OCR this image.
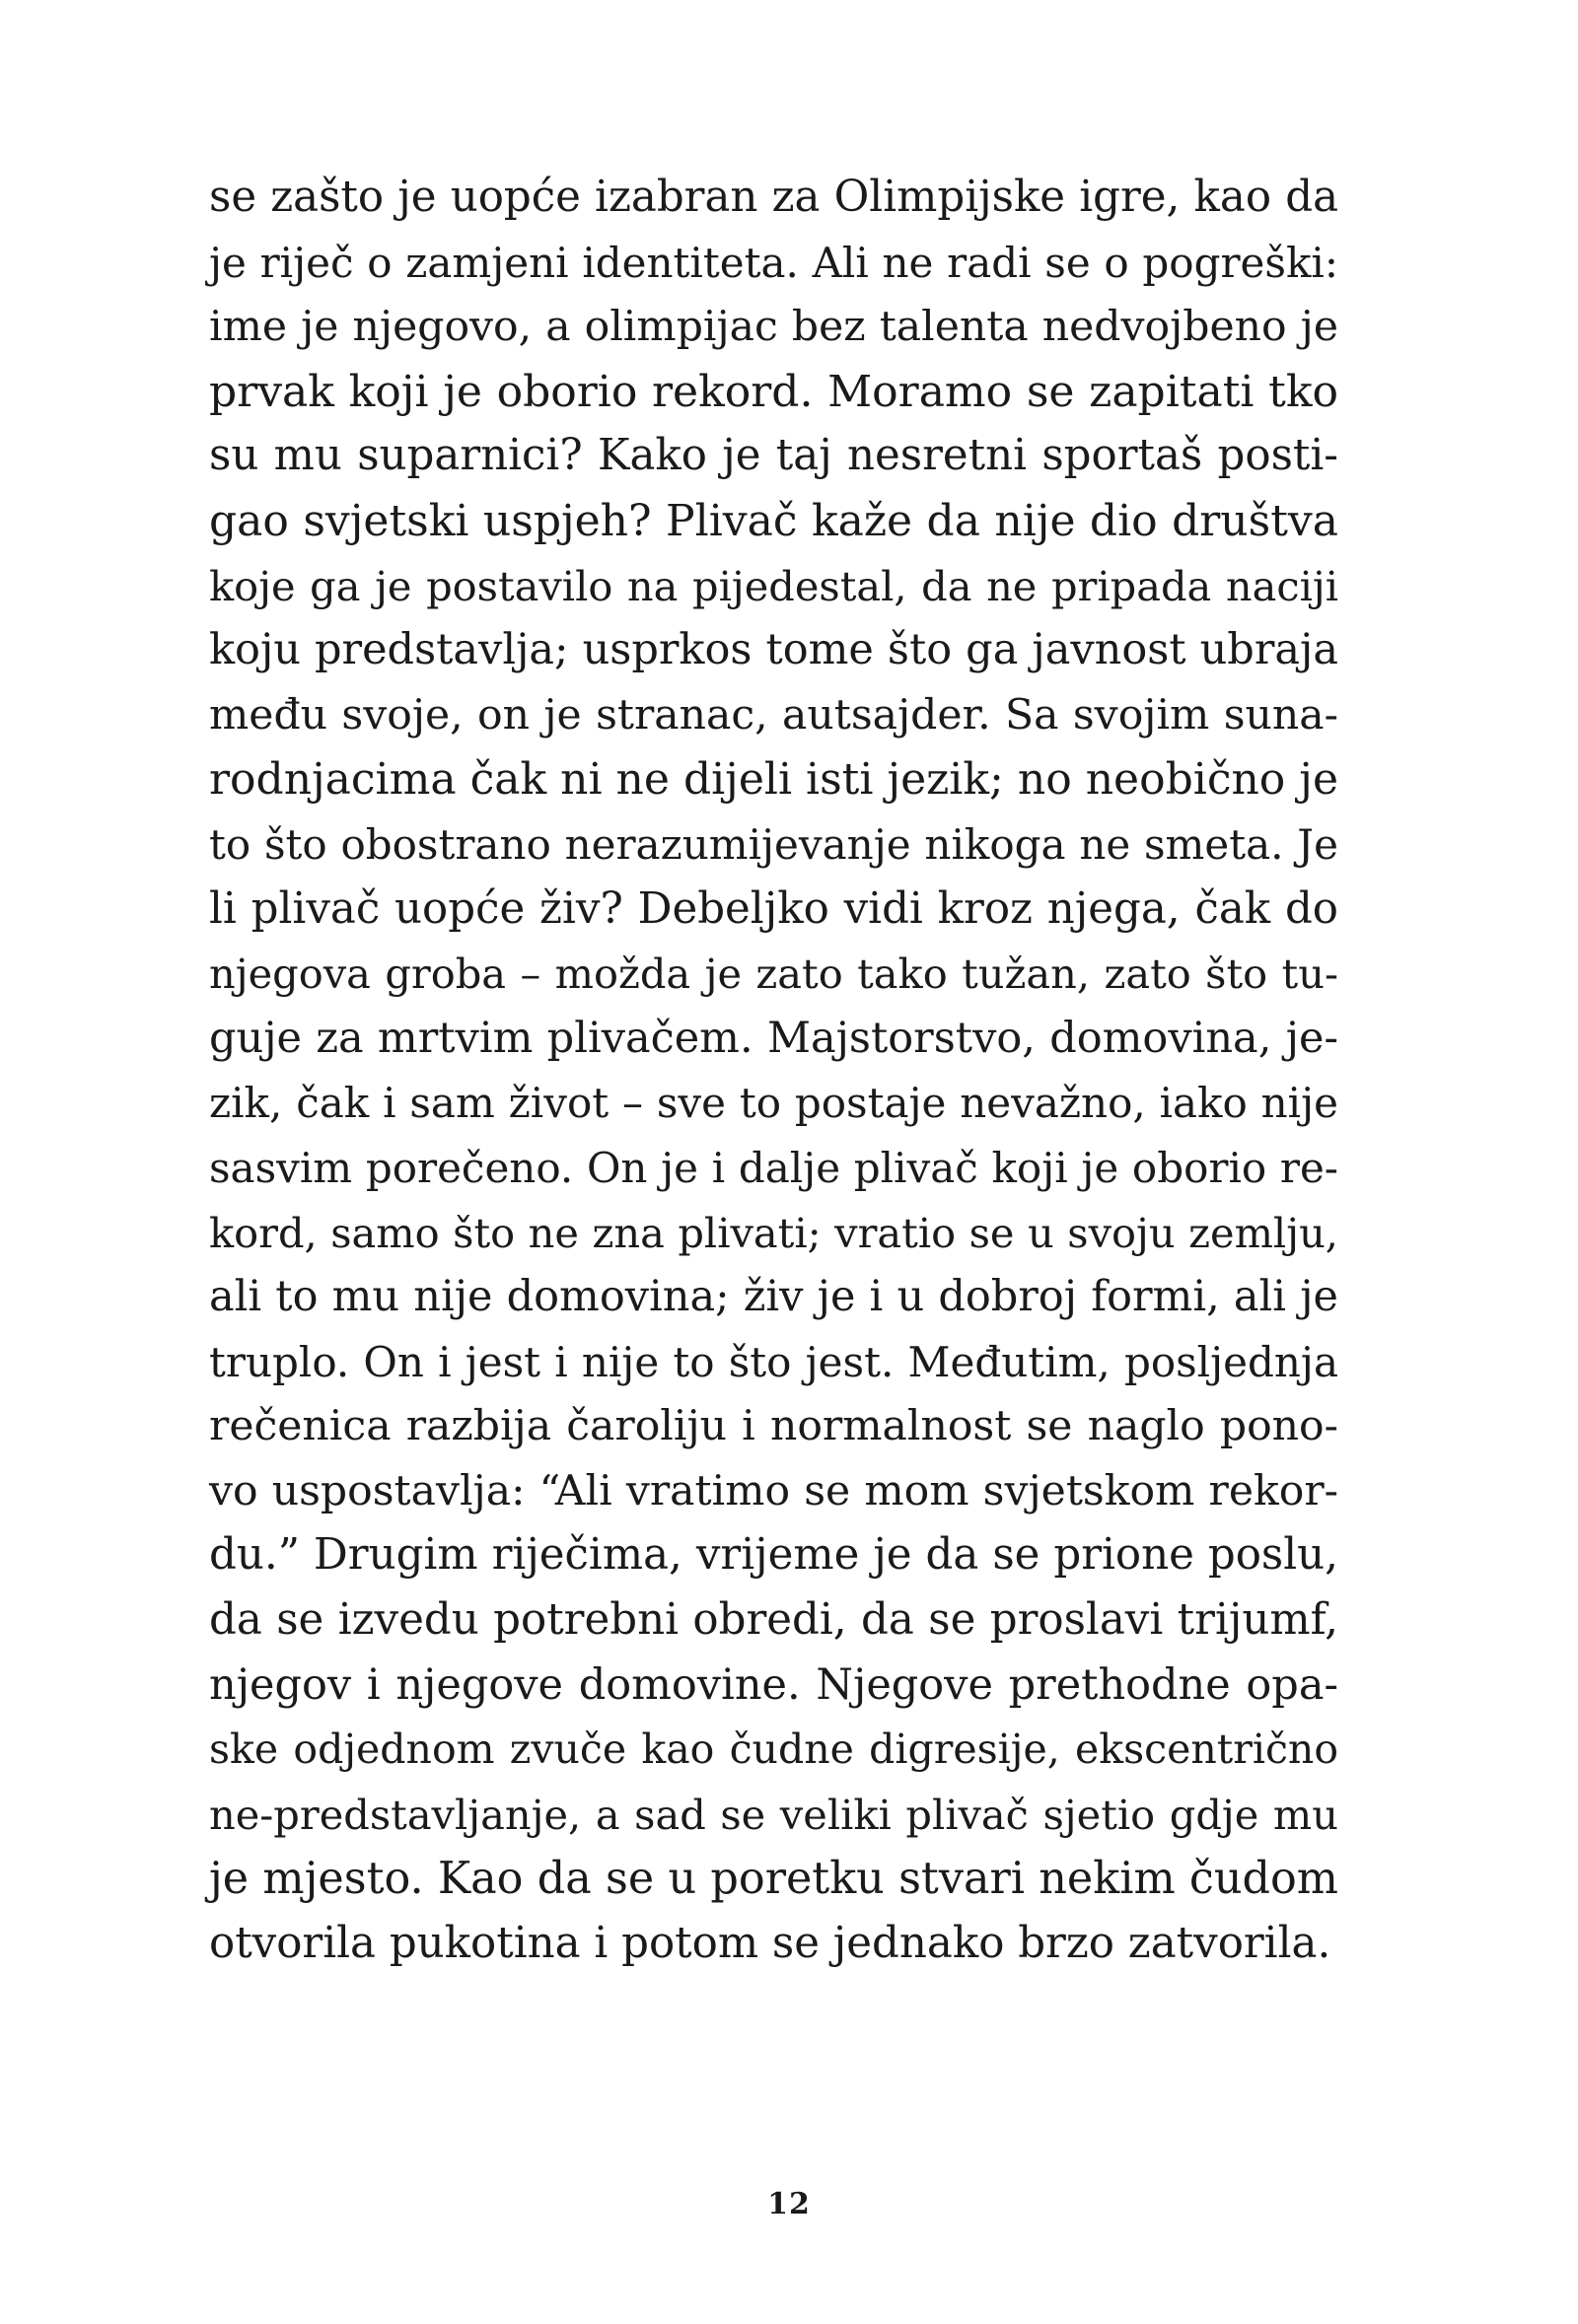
se zašto je uopće izabran za Olimpijske igre, kao da
je riječ o zamjeni identiteta. Ali ne radi se o pogreški:
ime je njegovo, a olimpijac bez talenta nedvojbeno je
prvak koji je oborio rekord. Moramo se zapitati tko
su mu suparnici? Kako je taj nesretni sportaš posti-
gao svjetski uspjeh? Plivač kaže da nije dio društva
koje ga je postavilo na pijedestal, da ne pripada naciji
koju predstavlja; usprkos tome što ga javnost ubraja
među svoje, on je stranac, autsajder. Sa svojim suna-
rodnjacima čak ni ne dijeli isti jezik; no neobično je
to što obostrano nerazumijevanje nikoga ne smeta. Je
li plivač uopće živ? Debeljko vidi kroz njega, čak do
njegova groba – možda je zato tako tužan, zato što tu-
guje za mrtvim plivačem. Majstorstvo, domovina, je-
zik, čak i sam život – sve to postaje nevažno, iako nije
sasvim porečeno. On je i dalje plivač koji je oborio re-
kord, samo što ne zna plivati; vratio se u svoju zemlju,
ali to mu nije domovina; živ je i u dobroj formi, ali je
truplo. On i jest i nije to što jest. Međutim, posljednja
rečenica razbija čaroliju i normalnost se naglo pono-
vo uspostavlja: “Ali vratimo se mom svjetskom rekor-
du.” Drugim riječima, vrijeme je da se prione poslu,
da se izvedu potrebni obredi, da se proslavi trijumf,
njegov i njegove domovine. Njegove prethodne opa-
ske odjednom zvuče kao čudne digresije, ekscentrično
ne-predstavljanje, a sad se veliki plivač sjetio gdje mu
je mjesto. Kao da se u poretku stvari nekim čudom
otvorila pukotina i potom se jednako brzo zatvorila.
12
